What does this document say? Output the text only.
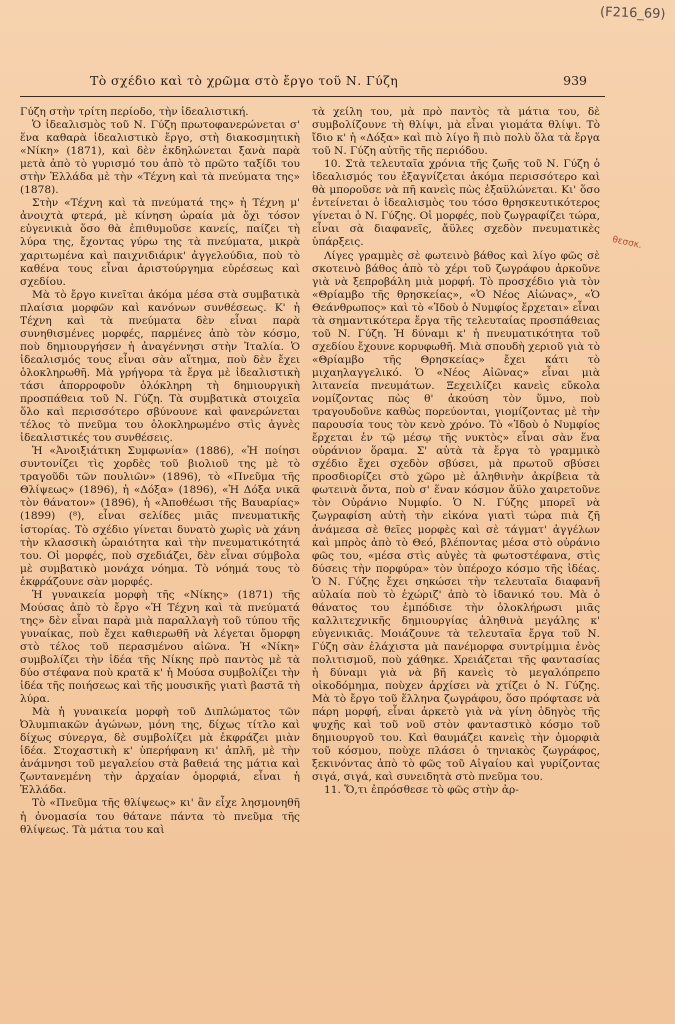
(F216_69)
Τὸ σχέδιο καὶ τὸ χρῶμα στὸ ἔργο τοῦ Ν. Γύζη	939

Γύζη στὴν τρίτη περίοδο, τὴν ἰδεαλιστική.

Ὁ ἰδεαλισμὸς τοῦ Ν. Γύζη πρωτοφανερώνεται σ' ἕνα καθαρὰ ἰδεαλιστικὸ ἔργο, στὴ διακοσμητικὴ «Νίκη» (1871), καὶ δὲν ἐκδηλώνεται ξανὰ παρὰ μετὰ ἀπὸ τὸ γυρισμό του ἀπὸ τὸ πρῶτο ταξίδι του στὴν Ἑλλάδα μὲ τὴν «Τέχνη καὶ τὰ πνεύματα της» (1878).

Στὴν «Τέχνη καὶ τὰ πνεύματά της» ἡ Τέχνη μ' ἀνοιχτὰ φτερά, μὲ κίνηση ὡραία μὰ ὄχι τόσον εὐγενικιὰ ὅσο θὰ ἐπιθυμοῦσε κανείς, παίζει τὴ λύρα της, ἔχοντας γύρω της τὰ πνεύματα, μικρὰ χαριτωμένα καὶ παιχνιδιάρικ' ἀγγελούδια, ποὺ τὸ καθένα τους εἶναι ἀριστούργημα εὑρέσεως καὶ σχεδίου.

Μὰ τὸ ἔργο κινεῖται ἀκόμα μέσα στὰ συμβατικὰ πλαίσια μορφῶν καὶ κανόνων συνθέσεως. Κ' ἡ Τέχνη καὶ τὰ πνεύματα δὲν εἶναι παρὰ συνηθισμένες μορφές, παρμένες ἀπὸ τὸν κόσμο, ποὺ δημιουργήσεν ἡ ἀναγέννησι στὴν Ἰταλία. Ὁ ἰδεαλισμός τους εἶναι σὰν αἴτημα, ποὺ δὲν ἔχει ὁλοκληρωθῆ. Μὰ γρήγορα τὰ ἔργα μὲ ἰδεαλιστικὴ τάσι ἀπορροφοῦν ὁλόκληρη τὴ δημιουργικὴ προσπάθεια τοῦ Ν. Γύζη. Τὰ συμβατικὰ στοιχεῖα ὅλο καὶ περισσότερο σβύνουνε καὶ φανερώνεται τέλος τὸ πνεῦμα του ὁλοκληρωμένο στὶς ἁγνὲς ἰδεαλιστικές του συνθέσεις.

Ἡ «Ἀνοιξιάτικη Συμφωνία» (1886), «Ἡ ποίησι συντονίζει τὶς χορδὲς τοῦ βιολιοῦ της μὲ τὸ τραγοῦδι τῶν πουλιῶν» (1896), τὸ «Πνεῦμα τῆς Θλίψεως» (1896), ἡ «Δόξα» (1896), «Ἡ Δόξα νικᾶ τὸν θάνατον» (1896), ἡ «Ἀποθέωσι τῆς Βαυαρίας» (1899) (⁸), εἶναι σελίδες μιᾶς πνευματικῆς ἱστορίας. Τὸ σχέδιο γίνεται δυνατὸ χωρὶς νὰ χάνη τὴν κλασσικὴ ὡραιότητα καὶ τὴν πνευματικότητά του. Οἱ μορφές, ποὺ σχεδιάζει, δὲν εἶναι σύμβολα μὲ συμβατικὸ μονάχα νόημα. Τὸ νόημά τους τὸ ἐκφράζουνε σὰν μορφές.

Ἡ γυναικεία μορφὴ τῆς «Νίκης» (1871) τῆς Μούσας ἀπὸ τὸ ἔργο «Ἡ Τέχνη καὶ τὰ πνεύματά της» δὲν εἶναι παρὰ μιὰ παραλλαγὴ τοῦ τύπου τῆς γυναίκας, ποὺ ἔχει καθιερωθῆ νὰ λέγεται ὄμορφη στὸ τέλος τοῦ περασμένου αἰῶνα. Ἡ «Νίκη» συμβολίζει τὴν ἰδέα τῆς Νίκης πρὸ παντὸς μὲ τὰ δύο στέφανα ποὺ κρατᾶ κ' ἡ Μούσα συμβολίζει τὴν ἰδέα τῆς ποιήσεως καὶ τῆς μουσικῆς γιατὶ βαστᾶ τὴ λύρα.

Μὰ ἡ γυναικεία μορφὴ τοῦ Διπλώματος τῶν Ὀλυμπιακῶν ἀγώνων, μόνη της, δίχως τίτλο καὶ δίχως σύνεργα, δὲ συμβολίζει μὰ ἐκφράζει μιὰν ἰδέα. Στοχαστικὴ κ' ὑπερήφανη κι' ἁπλῆ, μὲ τὴν ἀνάμνησι τοῦ μεγαλείου στὰ βαθειά της μάτια καὶ ζωντανεμένη τὴν ἀρχαίαν ὁμορφιά, εἶναι ἡ Ἑλλάδα.

Τὸ «Πνεῦμα τῆς θλίψεως» κι' ἂν εἶχε λησμονηθῆ ἡ ὀνομασία του θάτανε πάντα τὸ πνεῦμα τῆς θλίψεως. Τὰ μάτια του καὶ

τὰ χείλη του, μὰ πρὸ παντὸς τὰ μάτια του, δὲ συμβολίζουνε τὴ θλίψι, μὰ εἶναι γιομάτα θλίψι. Τὸ ἴδιο κ' ἡ «Δόξα» καὶ πιὸ λίγο ἢ πιὸ πολὺ ὅλα τὰ ἔργα τοῦ Ν. Γύζη αὐτῆς τῆς περιόδου.

10. Στὰ τελευταῖα χρόνια τῆς ζωῆς τοῦ Ν. Γύζη ὁ ἰδεαλισμός του ἐξαγνίζεται ἀκόμα περισσότερο καὶ θὰ μποροῦσε νὰ πῆ κανεὶς πὼς ἐξαϋλώνεται. Κι' ὅσο ἐντείνεται ὁ ἰδεαλισμὸς του τόσο θρησκευτικότερος γίνεται ὁ Ν. Γύζης. Οἱ μορφές, ποὺ ζωγραφίζει τώρα, εἶναι σὰ διαφανεῖς, ἄϋλες σχεδὸν πνευματικὲς ὑπάρξεις.

Λίγες γραμμὲς σὲ φωτεινὸ βάθος καὶ λίγο φῶς σὲ σκοτεινὸ βάθος ἀπὸ τὸ χέρι τοῦ ζωγράφου ἀρκοῦνε γιὰ νὰ ξεπροβάλη μιὰ μορφή. Τὸ προσχέδιο γιὰ τὸν «Θρίαμβο τῆς θρησκείας», «Ὁ Νέος Αἰώνας», «Ὁ Θεάνθρωπος» καὶ τὸ «Ἰδοὺ ὁ Νυμφίος ἔρχεται» εἶναι τὰ σημαντικότερα ἔργα τῆς τελευταίας προσπάθειας τοῦ Ν. Γύζη. Ἡ δύναμι κ' ἡ πνευματικότητα τοῦ σχεδίου ἔχουνε κορυφωθῆ. Μιὰ σπουδὴ χεριοῦ γιὰ τὸ «Θρίαμβο τῆς Θρησκείας» ἔχει κάτι τὸ μιχαηλαγγελικό. Ὁ «Νέος Αἰῶνας» εἶναι μιὰ λιτανεία πνευμάτων. Ξεχειλίζει κανεὶς εὔκολα νομίζοντας πὼς θ' ἀκούση τὸν ὕμνο, ποὺ τραγουδοῦνε καθὼς πορεύονται, γιομίζοντας μὲ τὴν παρουσία τους τὸν κενὸ χρόνο. Τὸ «Ἰδοὺ ὁ Νυμφίος ἔρχεται ἐν τῷ μέσῳ τῆς νυκτὸς» εἶναι σὰν ἕνα οὐράνιον ὅραμα. Σ' αὐτὰ τὰ ἔργα τὸ γραμμικὸ σχέδιο ἔχει σχεδὸν σβύσει, μὰ πρωτοῦ σβύσει προσδιορίζει στὸ χῶρο μὲ ἀληθινὴν ἀκρίβεια τὰ φωτεινὰ ὄντα, ποὺ σ' ἕναν κόσμον ἄϋλο χαιρετοῦνε τὸν Οὐράνιο Νυμφίο. Ὁ Ν. Γύζης μπορεῖ νὰ ζωγραφίση αὐτὴ τὴν εἰκόνα γιατὶ τώρα πιὰ ζῆ ἀνάμεσα σὲ θεῖες μορφὲς καὶ σὲ τάγματ' ἀγγέλων καὶ μπρὸς ἀπὸ τὸ Θεό, βλέποντας μέσα στὸ οὐράνιο φῶς του, «μέσα στὶς αὐγὲς τὰ φωτοστέφανα, στὶς δύσεις τὴν πορφύρα» τὸν ὑπέροχο κόσμο τῆς ἰδέας. Ὁ Ν. Γύζης ἔχει σηκώσει τὴν τελευταῖα διαφανῆ αὐλαία ποὺ τὸ ἐχώριζ' ἀπὸ τὸ ἰδανικό του. Μὰ ὁ θάνατος του ἐμπόδισε τὴν ὁλοκλήρωσι μιᾶς καλλιτεχνικῆς δημιουργίας ἀληθινὰ μεγάλης κ' εὐγενικιᾶς. Μοιάζουνε τὰ τελευταῖα ἔργα τοῦ Ν. Γύζη σὰν ἐλάχιστα μὰ πανέμορφα συντρίμμια ἑνὸς πολιτισμοῦ, ποὺ χάθηκε. Χρειάζεται τῆς φαντασίας ἡ δύναμι γιὰ νὰ βῆ κανεὶς τὸ μεγαλόπρεπο οἰκοδόμημα, ποὺχεν ἀρχίσει νὰ χτίζει ὁ Ν. Γύζης. Μὰ τὸ ἔργο τοῦ ἕλληνα ζωγράφου, ὅσο πρόφτασε νὰ πάρη μορφή, εἶναι ἀρκετὸ γιὰ νὰ γίνη ὁδηγὸς τῆς ψυχῆς καὶ τοῦ νοῦ στὸν φανταστικὸ κόσμο τοῦ δημιουργοῦ του. Καὶ θαυμάζει κανεὶς τὴν ὁμορφιὰ τοῦ κόσμου, ποὺχε πλάσει ὁ τηνιακὸς ζωγράφος, ξεκινόντας ἀπὸ τὸ φῶς τοῦ Αἰγαίου καὶ γυρίζοντας σιγά, σιγά, καὶ συνειδητὰ στὸ πνεῦμα του.

11. Ὅ,τι ἐπρόσθεσε τὸ φῶς στὴν ἀρ-

θεσσκ.
